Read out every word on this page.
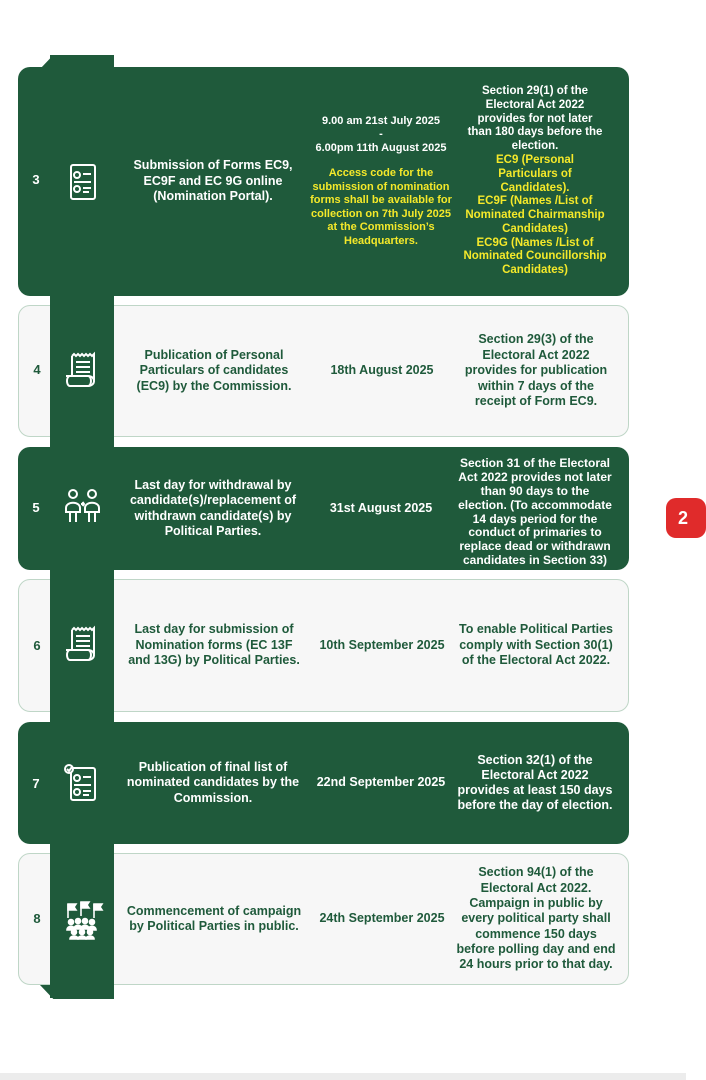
3
Submission of Forms EC9, EC9F and EC 9G online (Nomination Portal).
9.00 am 21st July 2025
-
6.00pm 11th August 2025
Access code for the submission of nomination forms shall be available for collection on 7th July 2025 at the Commission’s Headquarters.
Section 29(1) of the Electoral Act 2022 provides for not later than 180 days before the election.
EC9 (Personal Particulars of Candidates).
EC9F (Names /List of Nominated Chairmanship Candidates)
EC9G (Names /List of Nominated Councillorship Candidates)
4
Publication of Personal Particulars of candidates (EC9) by the Commission.
18th August 2025
Section 29(3) of the Electoral Act 2022 provides for publication within 7 days of the receipt of Form EC9.
5
Last day for withdrawal by candidate(s)/replacement of withdrawn candidate(s) by Political Parties.
31st August 2025
Section 31 of the Electoral Act 2022 provides not later than 90 days to the election. (To accommodate 14 days period for the conduct of primaries to replace dead or withdrawn candidates in Section 33)
6
Last day for submission of Nomination forms (EC 13F and 13G) by Political Parties.
10th September 2025
To enable Political Parties comply with Section 30(1) of the Electoral Act 2022.
7
Publication of final list of nominated candidates by the Commission.
22nd September 2025
Section 32(1) of the Electoral Act 2022 provides at least 150 days before the day of election.
8
Commencement of campaign by Political Parties in public.
24th September 2025
Section 94(1) of the Electoral Act 2022. Campaign in public by every political party shall commence 150 days before polling day and end 24 hours prior to that day.
2
